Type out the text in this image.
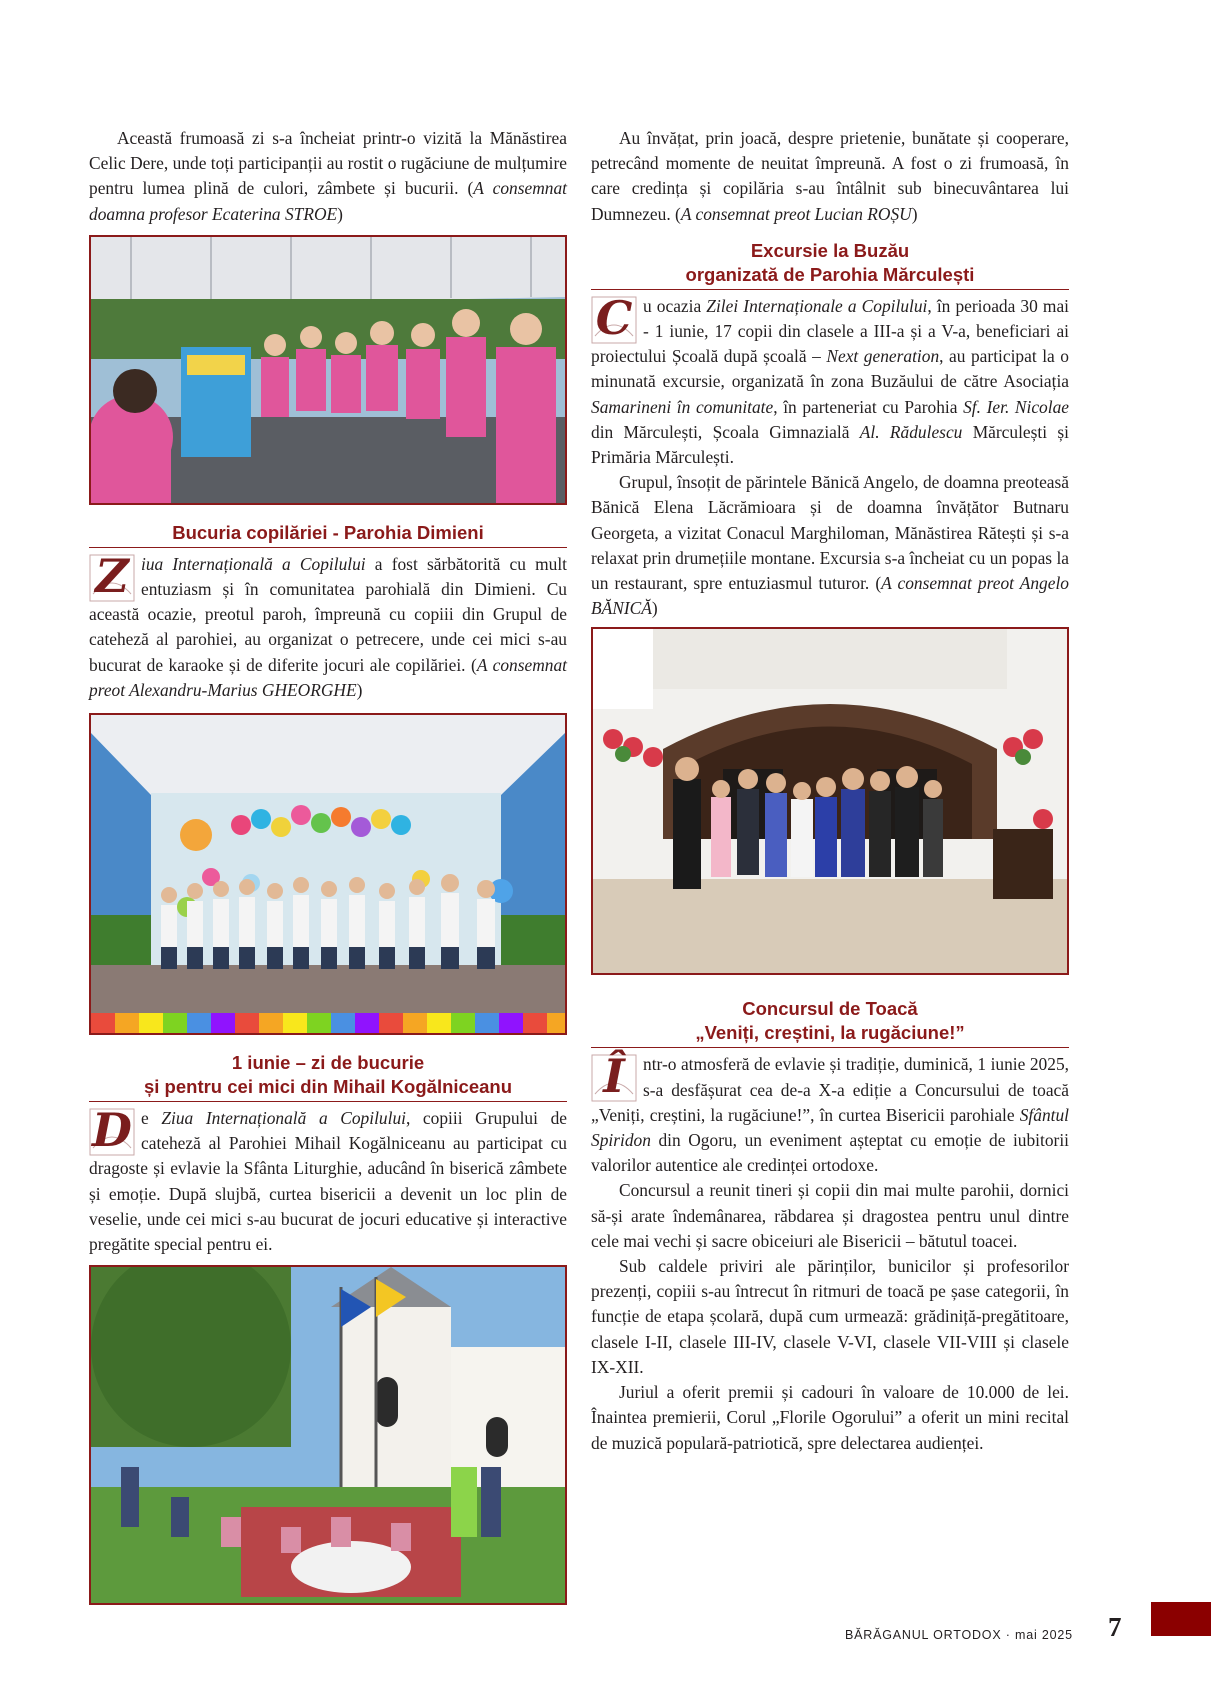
Această frumoasă zi s-a încheiat printr-o vizită la Mănăstirea Celic Dere, unde toți participanții au rostit o rugăciune de mulțumire pentru lumea plină de culori, zâmbete și bucurii. (A consemnat doamna profesor Ecaterina STROE)

Bucuria copilăriei - Parohia Dimieni

Z iua Internațională a Copilului a fost sărbătorită cu mult entuziasm și în comunitatea parohială din Dimieni. Cu această ocazie, preotul paroh, împreună cu copiii din Grupul de cateheză al parohiei, au organizat o petrecere, unde cei mici s-au bucurat de karaoke și de diferite jocuri ale copilăriei. (A consemnat preot Alexandru-Marius GHEORGHE)

1 iunie – zi de bucurie
și pentru cei mici din Mihail Kogălniceanu

D e Ziua Internațională a Copilului, copiii Grupului de cateheză al Parohiei Mihail Kogălniceanu au participat cu dragoste și evlavie la Sfânta Liturghie, aducând în biserică zâmbete și emoție. După slujbă, curtea bisericii a devenit un loc plin de veselie, unde cei mici s-au bucurat de jocuri educative și interactive pregătite special pentru ei.

Au învățat, prin joacă, despre prietenie, bunătate și cooperare, petrecând momente de neuitat împreună. A fost o zi frumoasă, în care credința și copilăria s-au întâlnit sub binecuvântarea lui Dumnezeu. (A consemnat preot Lucian ROȘU)

Excursie la Buzău
organizată de Parohia Mărculești

C u ocazia Zilei Internaționale a Copilului, în perioada 30 mai - 1 iunie, 17 copii din clasele a III-a și a V-a, beneficiari ai proiectului Școală după școală – Next generation, au participat la o minunată excursie, organizată în zona Buzăului de către Asociația Samarineni în comunitate, în parteneriat cu Parohia Sf. Ier. Nicolae din Mărculești, Școala Gimnazială Al. Rădulescu Mărculești și Primăria Mărculești.

Grupul, însoțit de părintele Bănică Angelo, de doamna preoteasă Bănică Elena Lăcrămioara și de doamna învățător Butnaru Georgeta, a vizitat Conacul Marghiloman, Mănăstirea Rătești și s-a relaxat prin drumețiile montane. Excursia s-a încheiat cu un popas la un restaurant, spre entuziasmul tuturor. (A consemnat preot Angelo BĂNICĂ)

Concursul de Toacă
„Veniți, creștini, la rugăciune!”

Î	ntr-o atmosferă de evlavie și tradiție, duminică, 1 iunie 2025, s-a desfășurat cea de-a X-a ediție a Concursului de toacă „Veniți, creștini, la rugăciune!”, în curtea Bisericii parohiale Sfântul Spiridon din Ogoru, un eveniment așteptat cu emoție de iubitorii valorilor autentice ale credinței ortodoxe.

Concursul a reunit tineri și copii din mai multe parohii, dornici să-și arate îndemânarea, răbdarea și dragostea pentru unul dintre cele mai vechi și sacre obiceiuri ale Bisericii – bătutul toacei.

Sub caldele priviri ale părinților, bunicilor și profesorilor prezenți, copiii s-au întrecut în ritmuri de toacă pe șase categorii, în funcție de etapa școlară, după cum urmează: grădiniță-pregătitoare, clasele I-II, clasele III-IV, clasele V-VI, clasele VII-VIII și clasele IX-XII.

Juriul a oferit premii și cadouri în valoare de 10.000 de lei. Înaintea premierii, Corul „Florile Ogorului” a oferit un mini recital de muzică populară-patriotică, spre delectarea audienței.

BĂRĂGANUL ORTODOX · mai 2025 7
